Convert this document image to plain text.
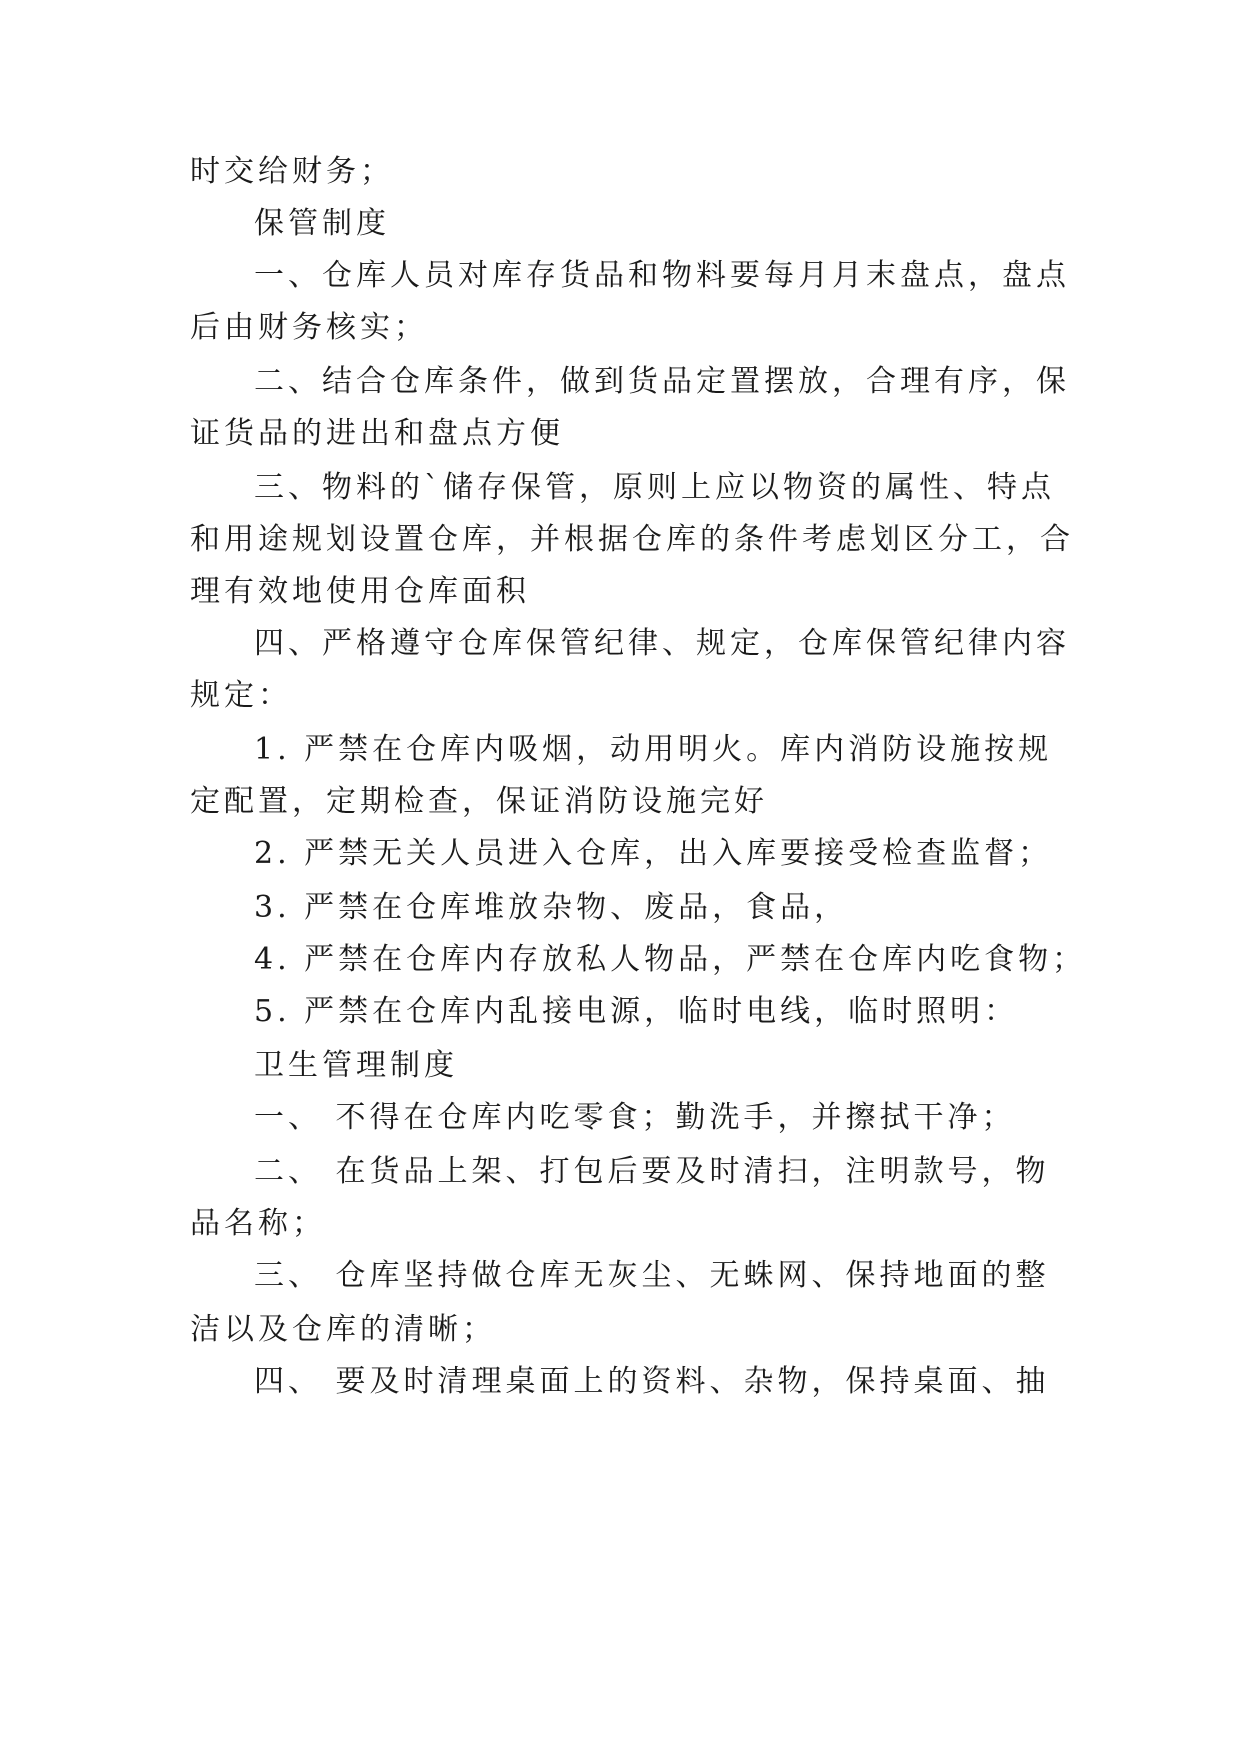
时交给财务；
保管制度
一、仓库人员对库存货品和物料要每月月末盘点，盘点
后由财务核实；
二、结合仓库条件，做到货品定置摆放，合理有序，保
证货品的进出和盘点方便
三、物料的`储存保管，原则上应以物资的属性、特点
和用途规划设置仓库，并根据仓库的条件考虑划区分工，合
理有效地使用仓库面积
四、严格遵守仓库保管纪律、规定，仓库保管纪律内容
规定：
1. 严禁在仓库内吸烟，动用明火。库内消防设施按规
定配置，定期检查，保证消防设施完好
2. 严禁无关人员进入仓库，出入库要接受检查监督；
3. 严禁在仓库堆放杂物、废品，食品，
4. 严禁在仓库内存放私人物品，严禁在仓库内吃食物；
5. 严禁在仓库内乱接电源，临时电线，临时照明：
卫生管理制度
一、 不得在仓库内吃零食；勤洗手，并擦拭干净；
二、 在货品上架、打包后要及时清扫，注明款号，物
品名称；
三、 仓库坚持做仓库无灰尘、无蛛网、保持地面的整
洁以及仓库的清晰；
四、 要及时清理桌面上的资料、杂物，保持桌面、抽
